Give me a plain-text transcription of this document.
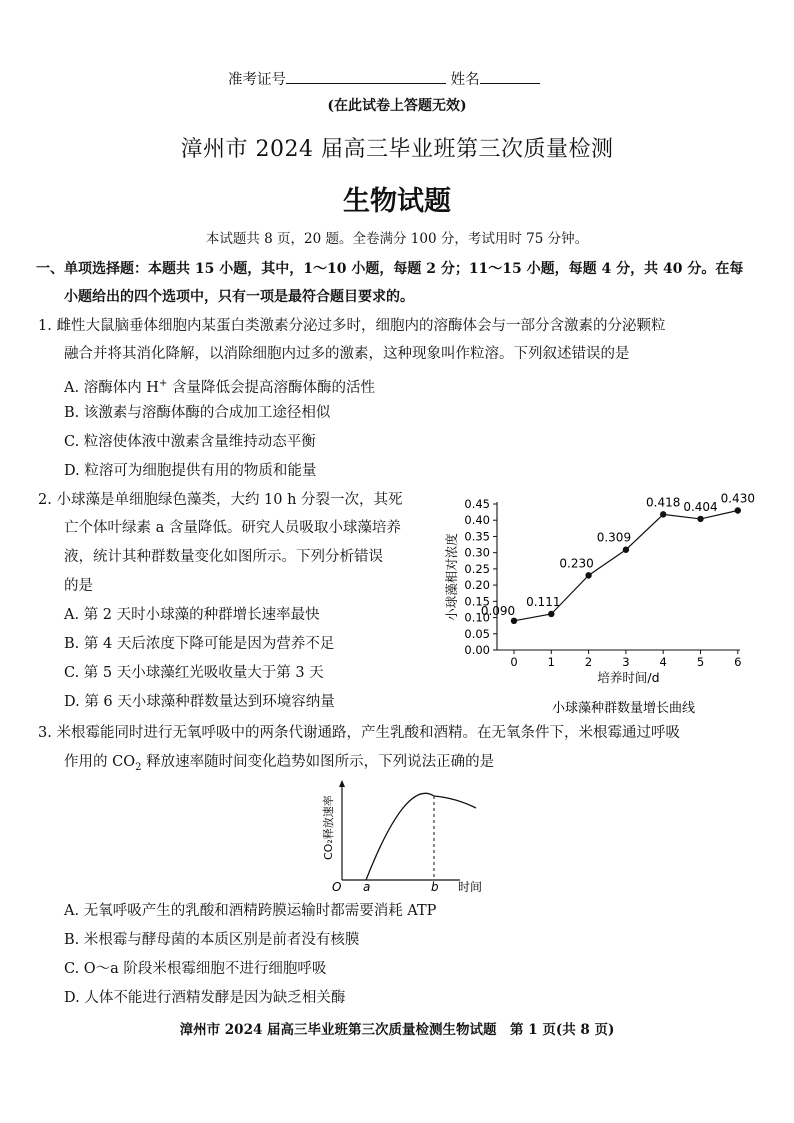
准考证号	姓名
(在此试卷上答题无效)
漳州市 2024 届高三毕业班第三次质量检测
生物试题
本试题共 8 页，20 题。全卷满分 100 分，考试用时 75 分钟。
一、单项选择题：本题共 15 小题，其中，1～10 小题，每题 2 分；11～15 小题，每题 4 分，共 40 分。在每
小题给出的四个选项中，只有一项是最符合题目要求的。
1. 雌性大鼠脑垂体细胞内某蛋白类激素分泌过多时，细胞内的溶酶体会与一部分含激素的分泌颗粒
融合并将其消化降解，以消除细胞内过多的激素，这种现象叫作粒溶。下列叙述错误的是
A. 溶酶体内 H+ 含量降低会提高溶酶体酶的活性
B. 该激素与溶酶体酶的合成加工途径相似
C. 粒溶使体液中激素含量维持动态平衡
D. 粒溶可为细胞提供有用的物质和能量
2. 小球藻是单细胞绿色藻类，大约 10 h 分裂一次，其死
亡个体叶绿素 a 含量降低。研究人员吸取小球藻培养
液，统计其种群数量变化如图所示。下列分析错误
的是
A. 第 2 天时小球藻的种群增长速率最快
B. 第 4 天后浓度下降可能是因为营养不足
C. 第 5 天小球藻红光吸收量大于第 3 天
D. 第 6 天小球藻种群数量达到环境容纳量
0.00
0.05
0.10
0.15
0.20
0.25
0.30
0.35
0.40
0.45
0	1	2	3	4	5	6
0.090
0.111
0.230
0.309
0.418 0.404
0.430
培养时间/d
小球藻相对浓度
小球藻种群数量增长曲线
3. 米根霉能同时进行无氧呼吸中的两条代谢通路，产生乳酸和酒精。在无氧条件下，米根霉通过呼吸
作用的 $CO_2$ 释放速率随时间变化趋势如图所示，下列说法正确的是
O a	b 时间
CO₂释放速率
A. 无氧呼吸产生的乳酸和酒精跨膜运输时都需要消耗 ATP
B. 米根霉与酵母菌的本质区别是前者没有核膜
C. O～a 阶段米根霉细胞不进行细胞呼吸
D. 人体不能进行酒精发酵是因为缺乏相关酶
漳州市 2024 届高三毕业班第三次质量检测生物试题　第 1 页(共 8 页)
